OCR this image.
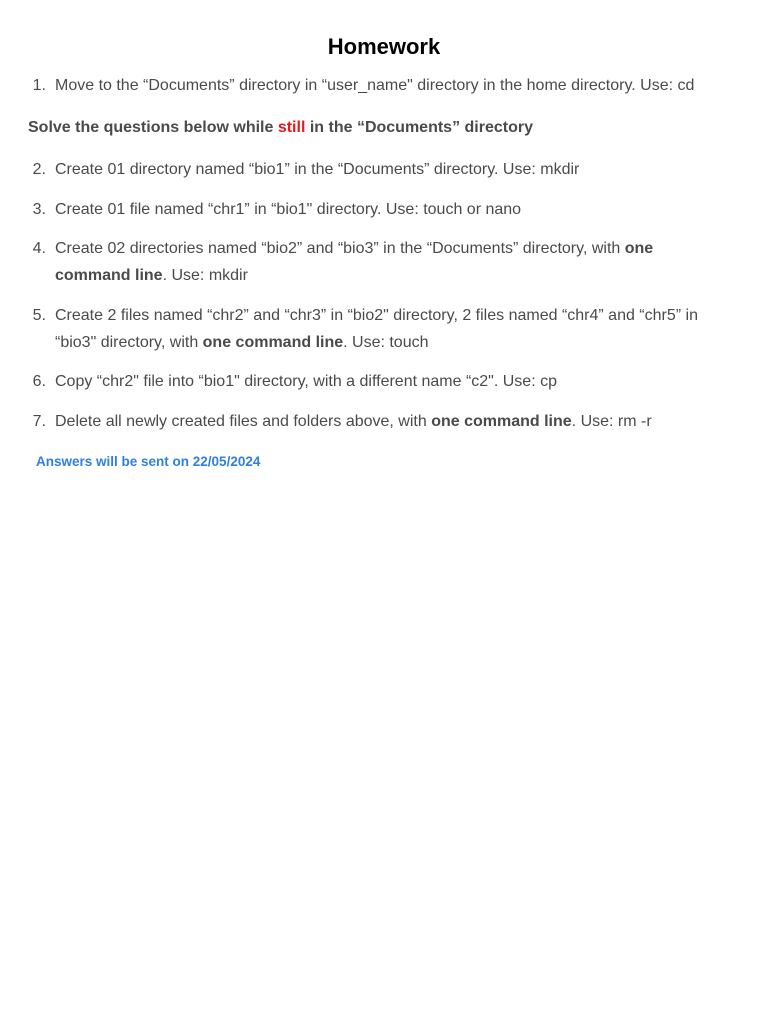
Homework
1. Move to the “Documents” directory in “user_name" directory in the home directory. Use: cd
Solve the questions below while still in the “Documents” directory
2. Create 01 directory named “bio1” in the “Documents” directory. Use: mkdir
3. Create 01 file named “chr1” in “bio1" directory. Use: touch or nano
4. Create 02 directories named “bio2” and “bio3” in the “Documents” directory, with one command line. Use: mkdir
5. Create 2 files named “chr2” and “chr3” in “bio2" directory, 2 files named “chr4” and “chr5” in “bio3" directory, with one command line. Use: touch
6. Copy “chr2" file into “bio1" directory, with a different name “c2". Use: cp
7. Delete all newly created files and folders above, with one command line. Use: rm -r
Answers will be sent on 22/05/2024
